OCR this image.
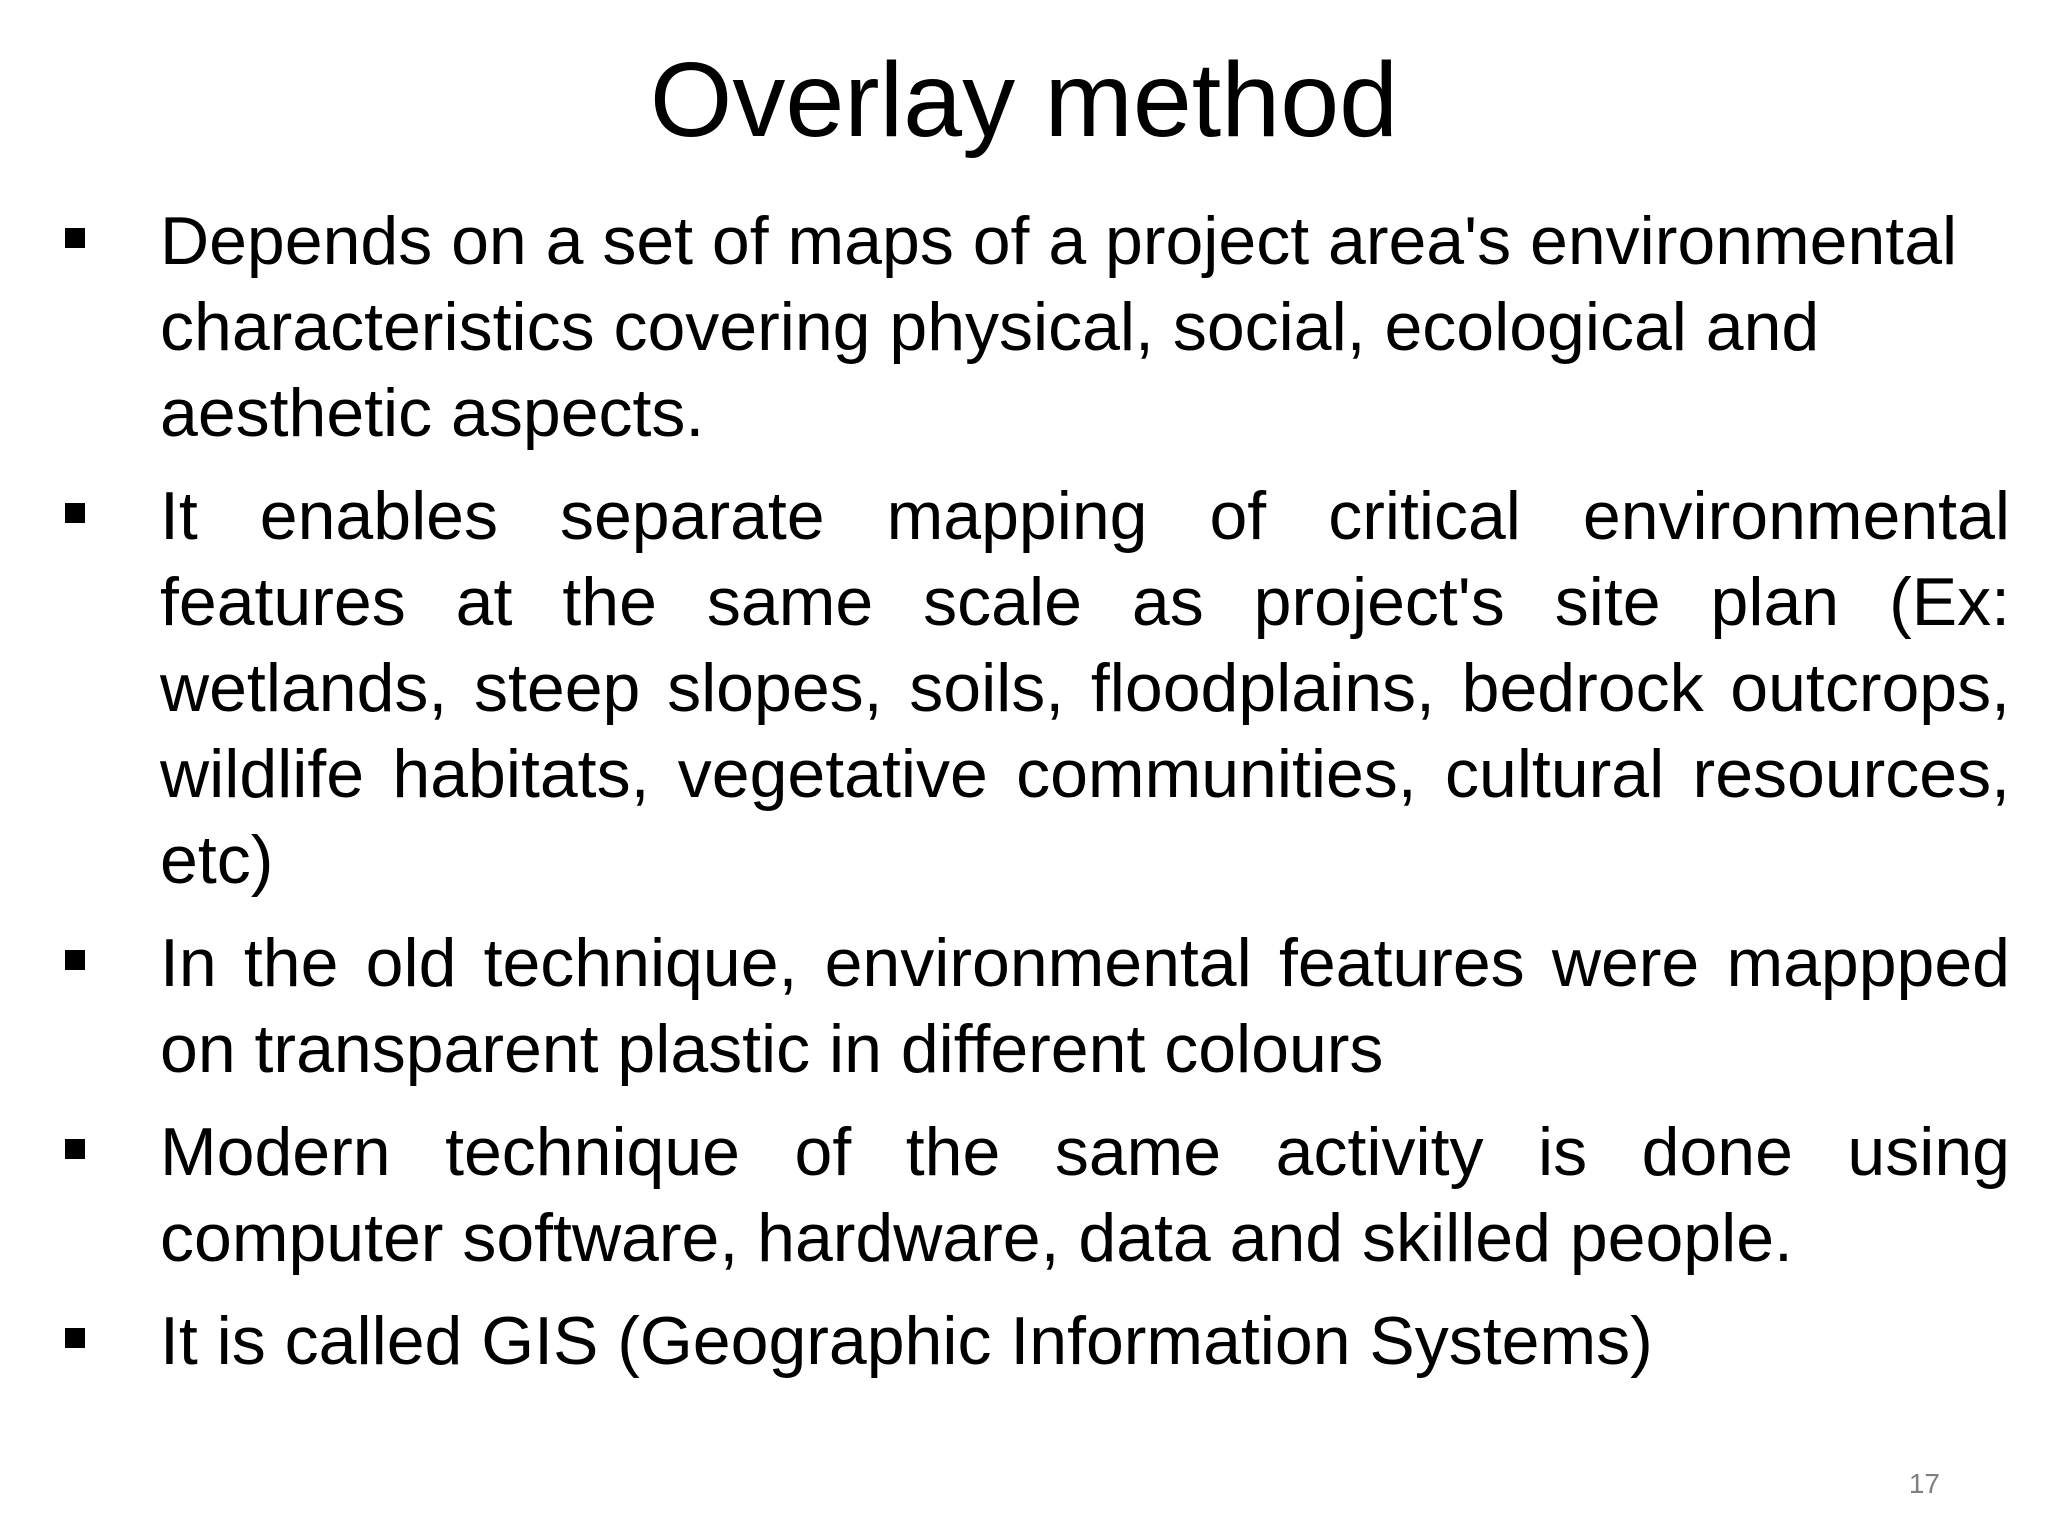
Overlay method
Depends on a set of maps of a project area's environmental characteristics covering physical, social, ecological and aesthetic aspects.
It enables separate mapping of critical environmental features at the same scale as project's site plan (Ex: wetlands, steep slopes, soils, floodplains, bedrock outcrops, wildlife habitats, vegetative communities, cultural resources, etc)
In the old technique, environmental features were mappped on transparent plastic in different colours
Modern technique of the same activity is done using computer software, hardware, data and skilled people.
It is called GIS (Geographic Information Systems)
17
